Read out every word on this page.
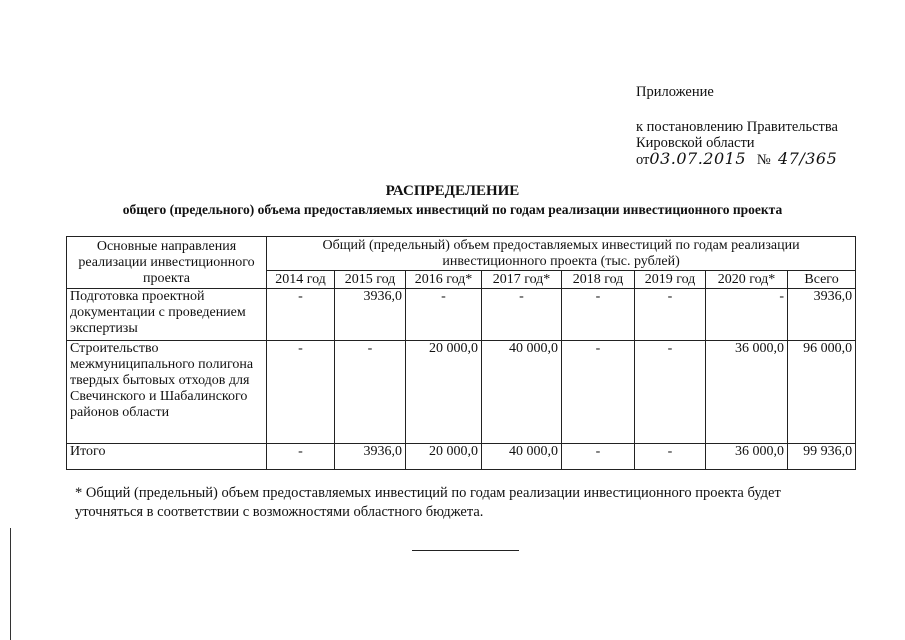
Приложение
к постановлению Правительства
Кировской области
от03.07.2015 № 47/365
РАСПРЕДЕЛЕНИЕ
общего (предельного) объема предоставляемых инвестиций по годам реализации инвестиционного проекта
Основные направления реализации инвестиционного проекта	Общий (предельный) объем предоставляемых инвестиций по годам реализации инвестиционного проекта (тыс. рублей)							
	2014 год	2015 год	2016 год*	2017 год*	2018 год	2019 год	2020 год*	Всего
Подготовка проектной документации с проведением экспертизы	-	3936,0	-	-	-	-	-	3936,0
Строительство межмуниципального полигона твердых бытовых отходов для Свечинского и Шабалинского районов области	-	-	20 000,0	40 000,0	-	-	36 000,0	96 000,0
Итого	-	3936,0	20 000,0	40 000,0	-	-	36 000,0	99 936,0
* Общий (предельный) объем предоставляемых инвестиций по годам реализации инвестиционного проекта будет уточняться в соответствии с возможностями областного бюджета.
